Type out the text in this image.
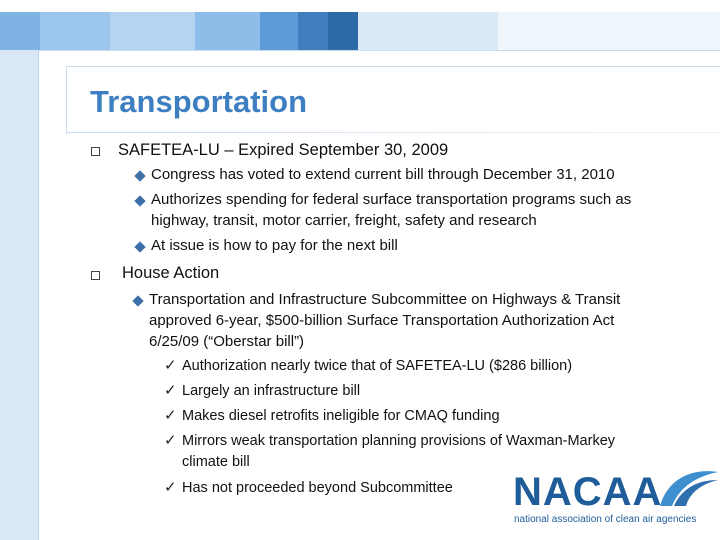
Transportation
SAFETEA-LU – Expired September 30, 2009
Congress has voted to extend current bill through December 31, 2010
Authorizes spending for federal surface transportation programs such as
highway, transit, motor carrier, freight, safety and research
At issue is how to pay for the next bill
House Action
Transportation and Infrastructure Subcommittee on Highways & Transit
approved 6-year, $500-billion Surface Transportation Authorization Act
6/25/09 (“Oberstar bill”)
✓ Authorization nearly twice that of SAFETEA-LU ($286 billion)
✓ Largely an infrastructure bill
✓ Makes diesel retrofits ineligible for CMAQ funding
✓ Mirrors weak transportation planning provisions of Waxman-Markey
climate bill
✓ Has not proceeded beyond Subcommittee NACAA
national association of clean air agencies
